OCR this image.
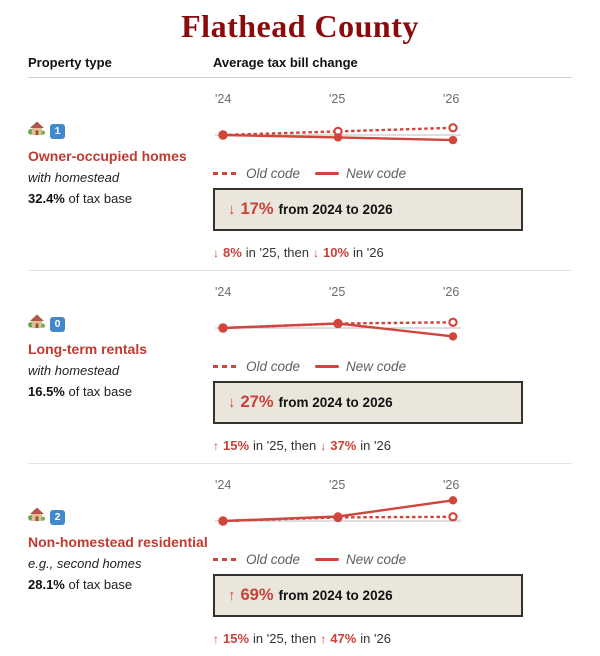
Flathead County
Property type	Average tax bill change
1
Owner-occupied homes
with homestead
32.4% of tax base
'24	'25	'26
Old code	New code
↓ 17% from 2024 to 2026
↓ 8% in '25, then ↓ 10% in '26
0
Long-term rentals
with homestead
16.5% of tax base
'24	'25	'26
Old code	New code
↓ 27% from 2024 to 2026
↑ 15% in '25, then ↓ 37% in '26
2
Non-homestead residential
e.g., second homes
28.1% of tax base
'24	'25	'26
Old code	New code
↑ 69% from 2024 to 2026
↑ 15% in '25, then ↑ 47% in '26
